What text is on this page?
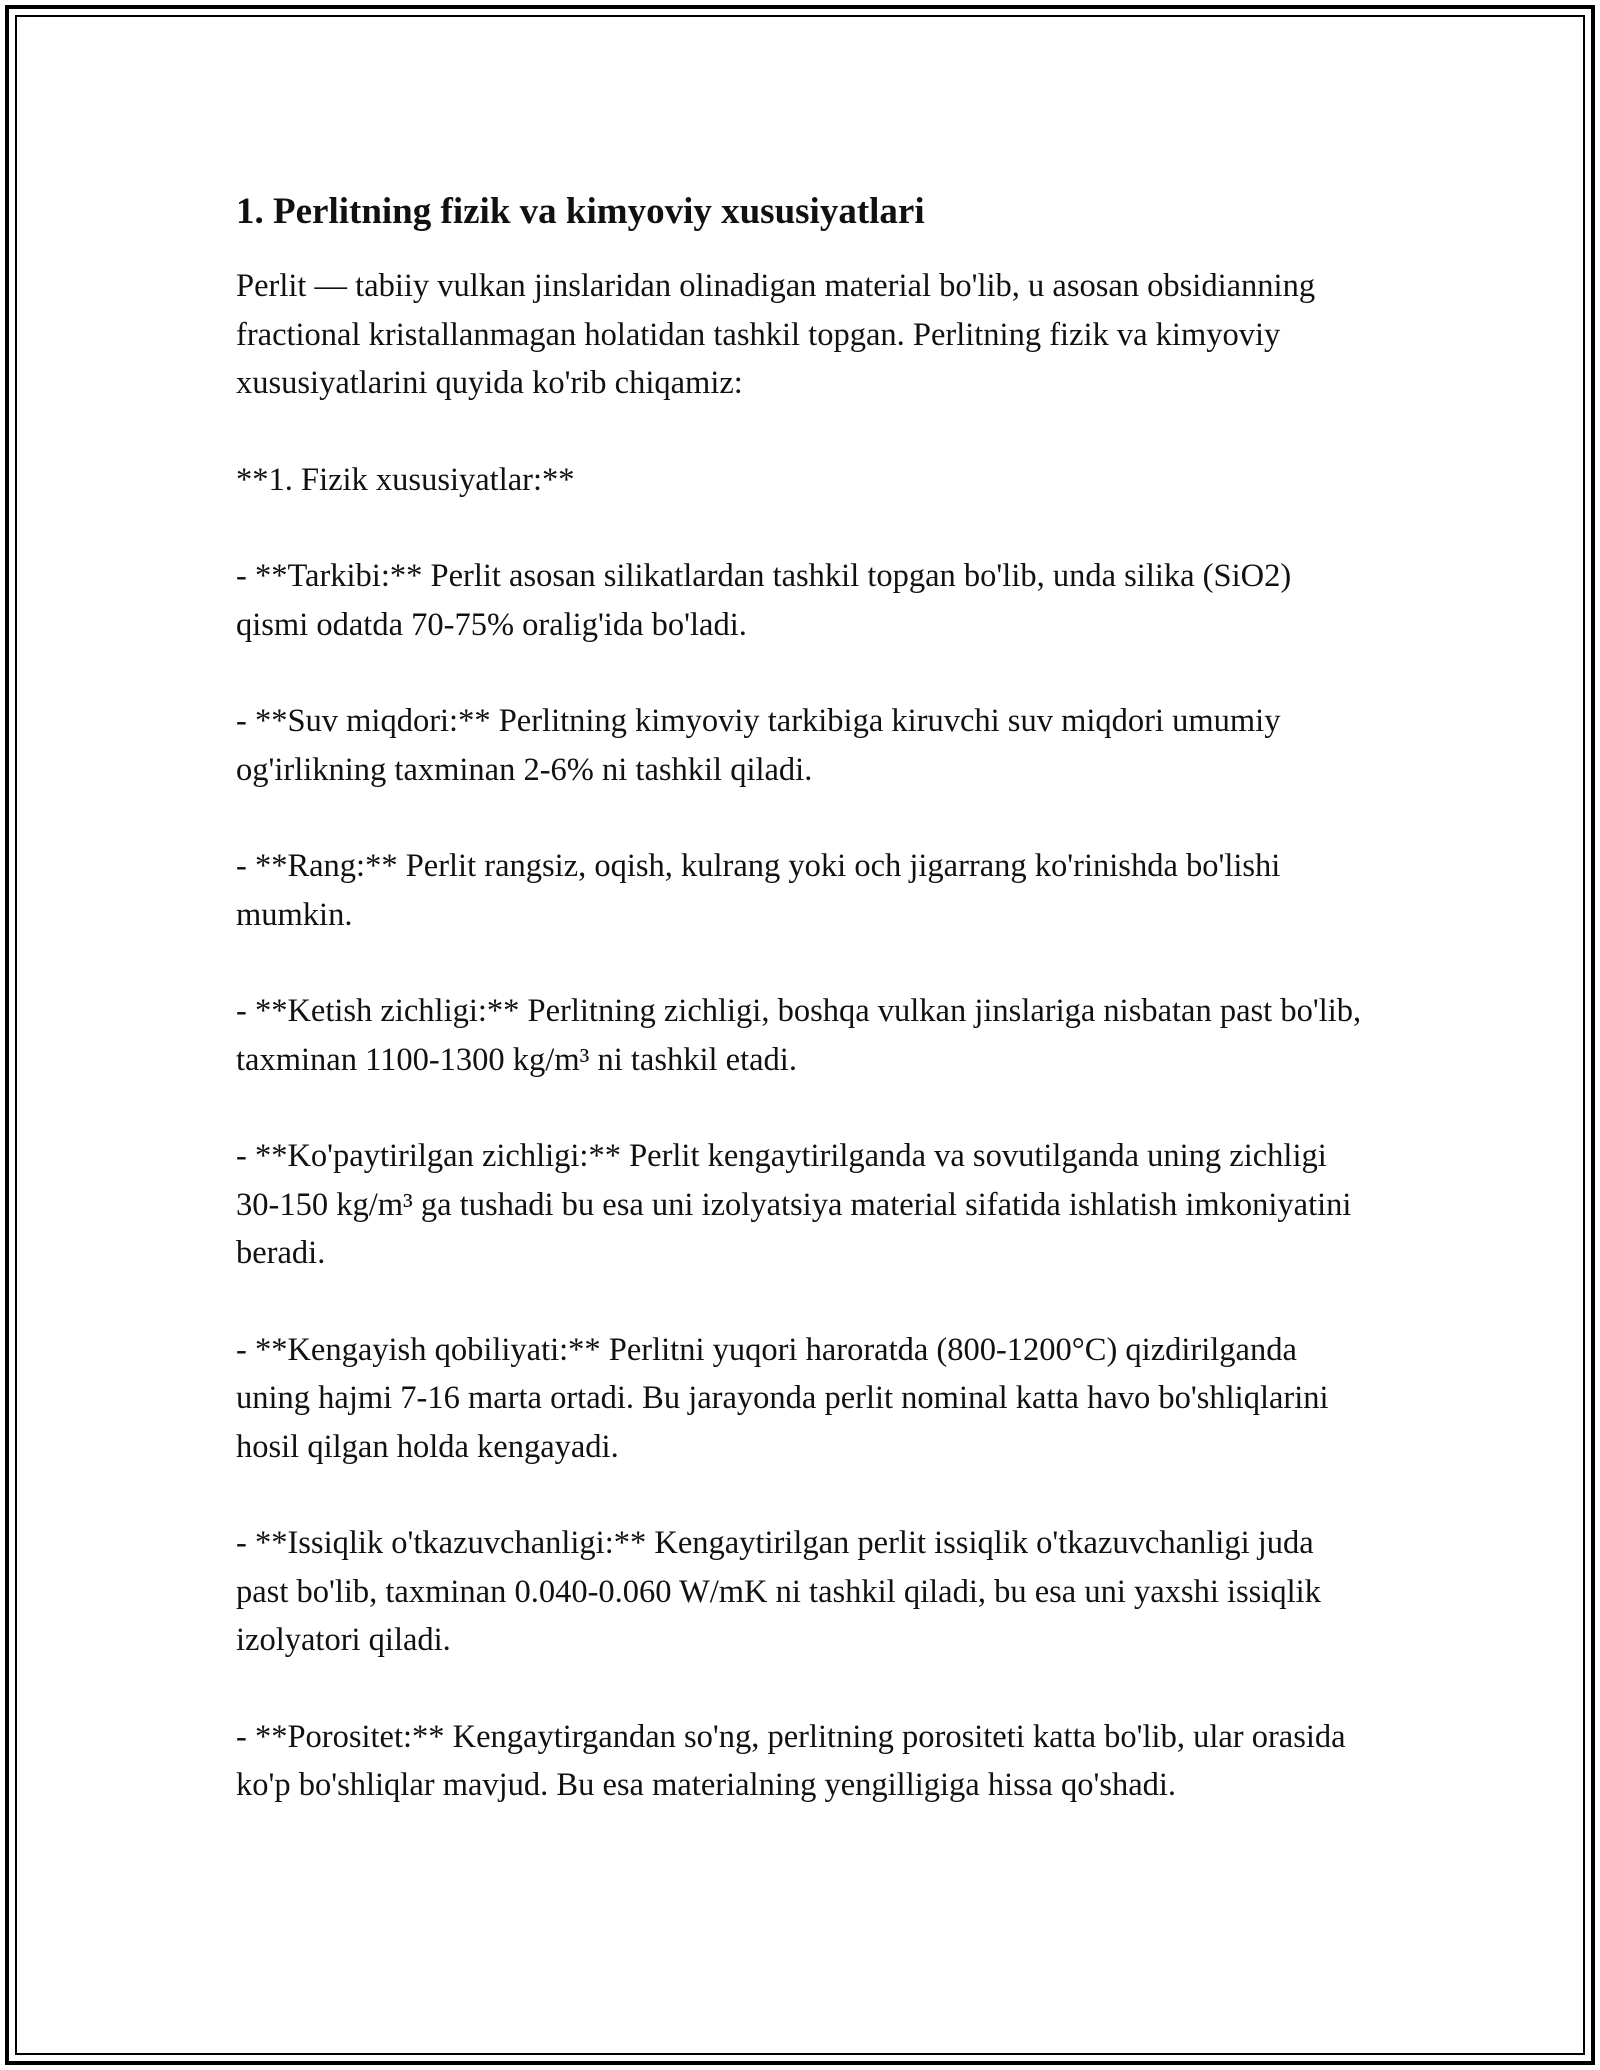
1. Perlitning fizik va kimyoviy xususiyatlari

Perlit — tabiiy vulkan jinslaridan olinadigan material bo'lib, u asosan obsidianning fractional kristallanmagan holatidan tashkil topgan. Perlitning fizik va kimyoviy xususiyatlarini quyida ko'rib chiqamiz:

**1. Fizik xususiyatlar:**

- **Tarkibi:** Perlit asosan silikatlardan tashkil topgan bo'lib, unda silika (SiO2) qismi odatda 70-75% oralig'ida bo'ladi.

- **Suv miqdori:** Perlitning kimyoviy tarkibiga kiruvchi suv miqdori umumiy og'irlikning taxminan 2-6% ni tashkil qiladi.

- **Rang:** Perlit rangsiz, oqish, kulrang yoki och jigarrang ko'rinishda bo'lishi mumkin.

- **Ketish zichligi:** Perlitning zichligi, boshqa vulkan jinslariga nisbatan past bo'lib, taxminan 1100-1300 kg/m³ ni tashkil etadi.

- **Ko'paytirilgan zichligi:** Perlit kengaytirilganda va sovutilganda uning zichligi 30-150 kg/m³ ga tushadi bu esa uni izolyatsiya material sifatida ishlatish imkoniyatini beradi.

- **Kengayish qobiliyati:** Perlitni yuqori haroratda (800-1200°C) qizdirilganda uning hajmi 7-16 marta ortadi. Bu jarayonda perlit nominal katta havo bo'shliqlarini hosil qilgan holda kengayadi.

- **Issiqlik o'tkazuvchanligi:** Kengaytirilgan perlit issiqlik o'tkazuvchanligi juda past bo'lib, taxminan 0.040-0.060 W/mK ni tashkil qiladi, bu esa uni yaxshi issiqlik izolyatori qiladi.

- **Porositet:** Kengaytirgandan so'ng, perlitning porositeti katta bo'lib, ular orasida ko'p bo'shliqlar mavjud. Bu esa materialning yengilligiga hissa qo'shadi.
